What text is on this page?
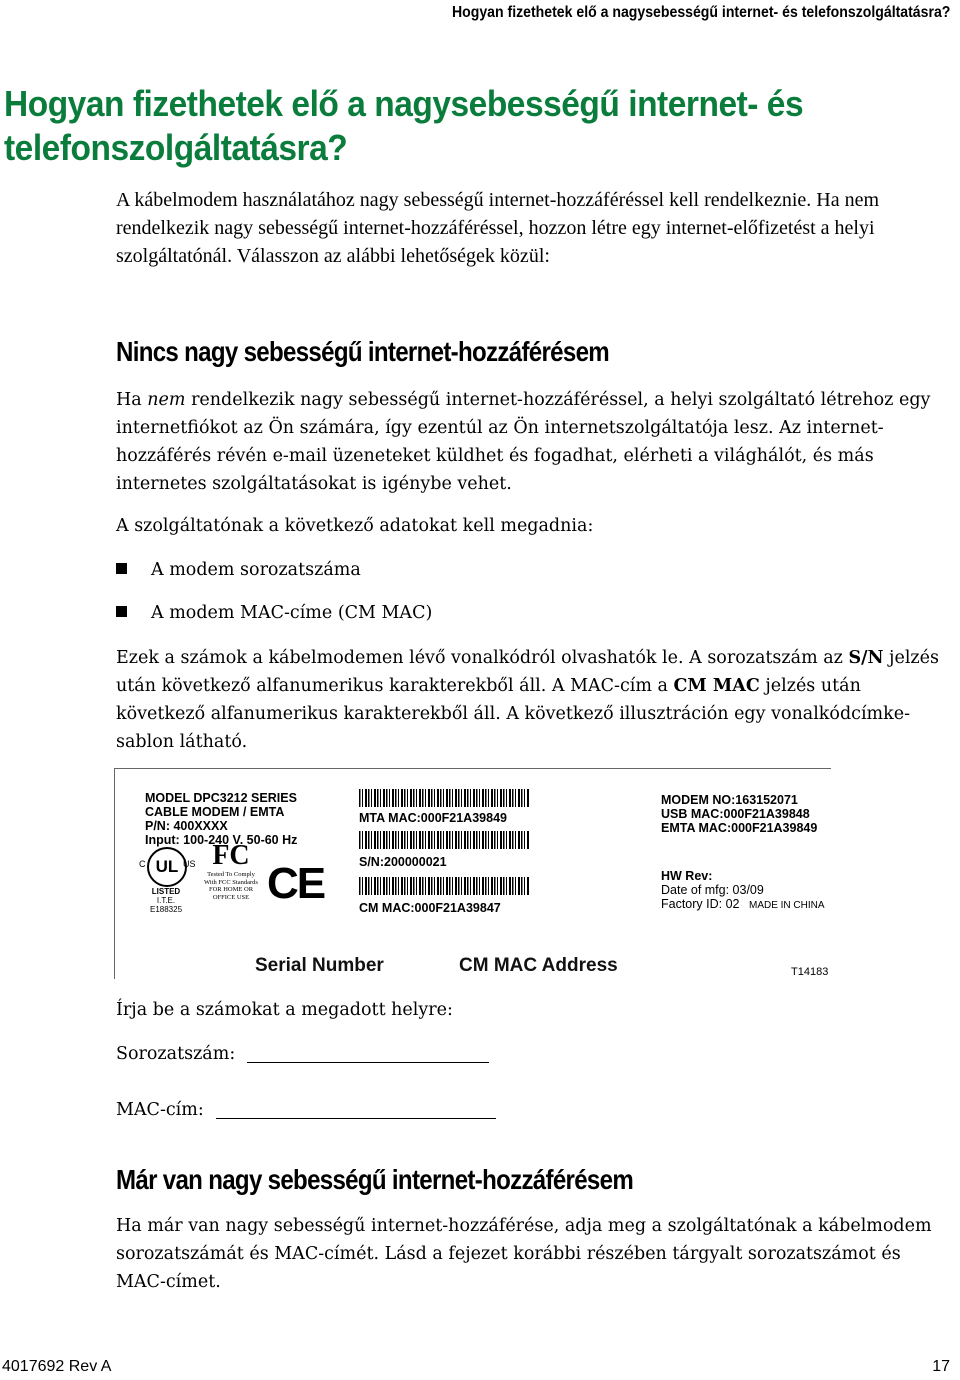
Hogyan fizethetek elő a nagysebességű internet- és telefonszolgáltatásra?
Hogyan fizethetek elő a nagysebességű internet- és telefonszolgáltatásra?

A kábelmodem használatához nagy sebességű internet-hozzáféréssel kell rendelkeznie. Ha nem rendelkezik nagy sebességű internet-hozzáféréssel, hozzon létre egy internet-előfizetést a helyi szolgáltatónál. Válasszon az alábbi lehetőségek közül:

Nincs nagy sebességű internet-hozzáférésem

Ha nem rendelkezik nagy sebességű internet-hozzáféréssel, a helyi szolgáltató létrehoz egy internetfiókot az Ön számára, így ezentúl az Ön internetszolgáltatója lesz. Az internet-hozzáférés révén e-mail üzeneteket küldhet és fogadhat, elérheti a világhálót, és más internetes szolgáltatásokat is igénybe vehet.

A szolgáltatónak a következő adatokat kell megadnia:

A modem sorozatszáma
A modem MAC-címe (CM MAC)

Ezek a számok a kábelmodemen lévő vonalkódról olvashatók le. A sorozatszám az S/N jelzés után következő alfanumerikus karakterekből áll. A MAC-cím a CM MAC jelzés után következő alfanumerikus karakterekből áll. A következő illusztráción egy vonalkódcímke-sablon látható.

MODEL DPC3212 SERIES
CABLE MODEM / EMTA
P/N: 400XXXX
Input: 100-240 V. 50-60 Hz
MTA MAC:000F21A39849
S/N:200000021
CM MAC:000F21A39847
MODEM NO:163152071
USB MAC:000F21A39848
EMTA MAC:000F21A39849
HW Rev:
Date of mfg: 03/09
Factory ID: 02 MADE IN CHINA
UL
C	US
LISTED
I.T.E.
E188325
FC
Tested To Comply
With FCC Standards
FOR HOME OR
OFFICE USE CE
Serial Number	CM MAC Address	T14183

Írja be a számokat a megadott helyre:

Sorozatszám:
MAC-cím:
Már van nagy sebességű internet-hozzáférésem

Ha már van nagy sebességű internet-hozzáférése, adja meg a szolgáltatónak a kábelmodem sorozatszámát és MAC-címét. Lásd a fejezet korábbi részében tárgyalt sorozatszámot és MAC-címet.

4017692 Rev A	17
